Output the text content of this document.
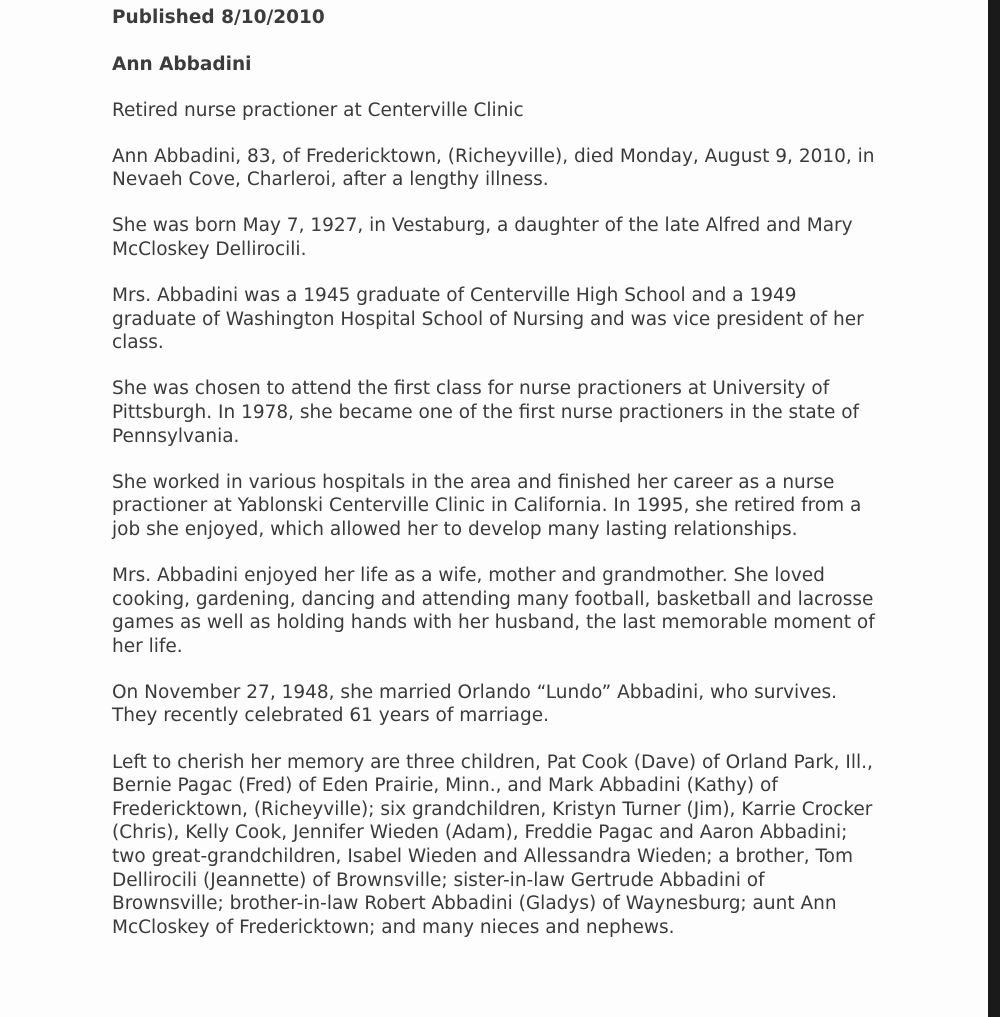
Published 8/10/2010

Ann Abbadini

Retired nurse practioner at Centerville Clinic

Ann Abbadini, 83, of Fredericktown, (Richeyville), died Monday, August 9, 2010, in Nevaeh Cove, Charleroi, after a lengthy illness.

She was born May 7, 1927, in Vestaburg, a daughter of the late Alfred and Mary McCloskey Dellirocili.

Mrs. Abbadini was a 1945 graduate of Centerville High School and a 1949 graduate of Washington Hospital School of Nursing and was vice president of her class.

She was chosen to attend the first class for nurse practioners at University of Pittsburgh. In 1978, she became one of the first nurse practioners in the state of Pennsylvania.

She worked in various hospitals in the area and finished her career as a nurse practioner at Yablonski Centerville Clinic in California. In 1995, she retired from a job she enjoyed, which allowed her to develop many lasting relationships.

Mrs. Abbadini enjoyed her life as a wife, mother and grandmother. She loved cooking, gardening, dancing and attending many football, basketball and lacrosse games as well as holding hands with her husband, the last memorable moment of her life.

On November 27, 1948, she married Orlando “Lundo” Abbadini, who survives. They recently celebrated 61 years of marriage.

Left to cherish her memory are three children, Pat Cook (Dave) of Orland Park, Ill., Bernie Pagac (Fred) of Eden Prairie, Minn., and Mark Abbadini (Kathy) of Fredericktown, (Richeyville); six grandchildren, Kristyn Turner (Jim), Karrie Crocker (Chris), Kelly Cook, Jennifer Wieden (Adam), Freddie Pagac and Aaron Abbadini; two great-grandchildren, Isabel Wieden and Allessandra Wieden; a brother, Tom Dellirocili (Jeannette) of Brownsville; sister-in-law Gertrude Abbadini of Brownsville; brother-in-law Robert Abbadini (Gladys) of Waynesburg; aunt Ann McCloskey of Fredericktown; and many nieces and nephews.
